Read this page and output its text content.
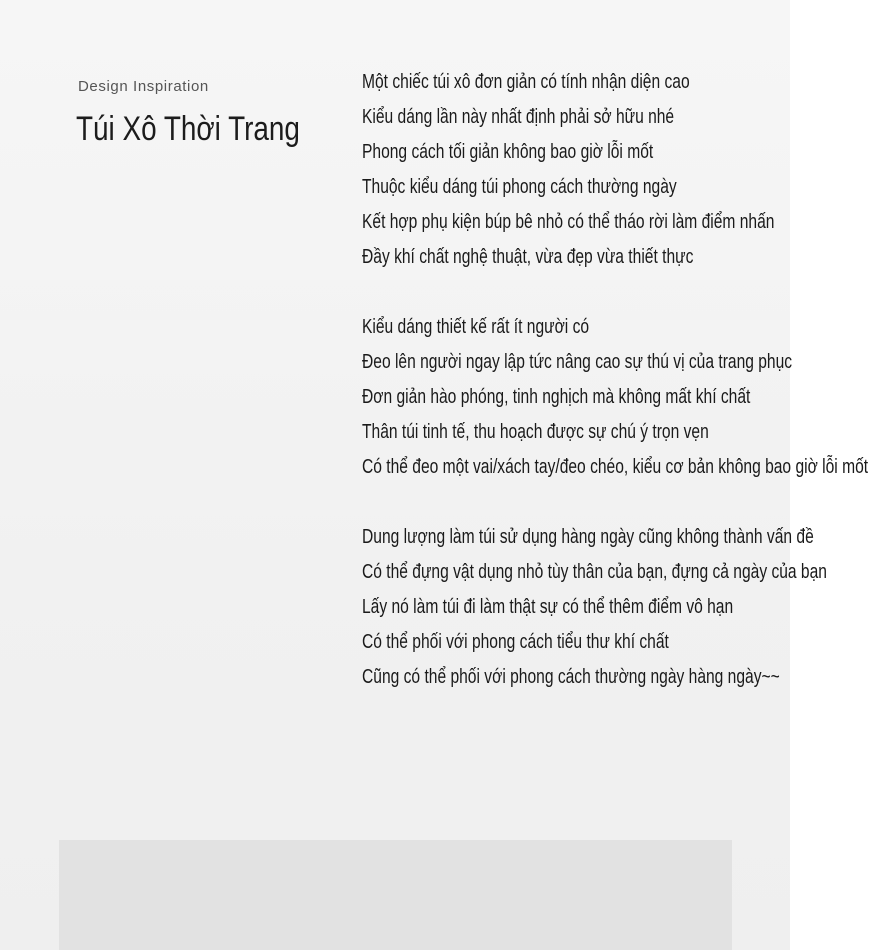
Design Inspiration
Túi Xô Thời Trang
Một chiếc túi xô đơn giản có tính nhận diện cao
Kiểu dáng lần này nhất định phải sở hữu nhé
Phong cách tối giản không bao giờ lỗi mốt
Thuộc kiểu dáng túi phong cách thường ngày
Kết hợp phụ kiện búp bê nhỏ có thể tháo rời làm điểm nhấn
Đầy khí chất nghệ thuật, vừa đẹp vừa thiết thực
Kiểu dáng thiết kế rất ít người có
Đeo lên người ngay lập tức nâng cao sự thú vị của trang phục
Đơn giản hào phóng, tinh nghịch mà không mất khí chất
Thân túi tinh tế, thu hoạch được sự chú ý trọn vẹn
Có thể đeo một vai/xách tay/đeo chéo, kiểu cơ bản không bao giờ lỗi mốt
Dung lượng làm túi sử dụng hàng ngày cũng không thành vấn đề
Có thể đựng vật dụng nhỏ tùy thân của bạn, đựng cả ngày của bạn
Lấy nó làm túi đi làm thật sự có thể thêm điểm vô hạn
Có thể phối với phong cách tiểu thư khí chất
Cũng có thể phối với phong cách thường ngày hàng ngày~~
